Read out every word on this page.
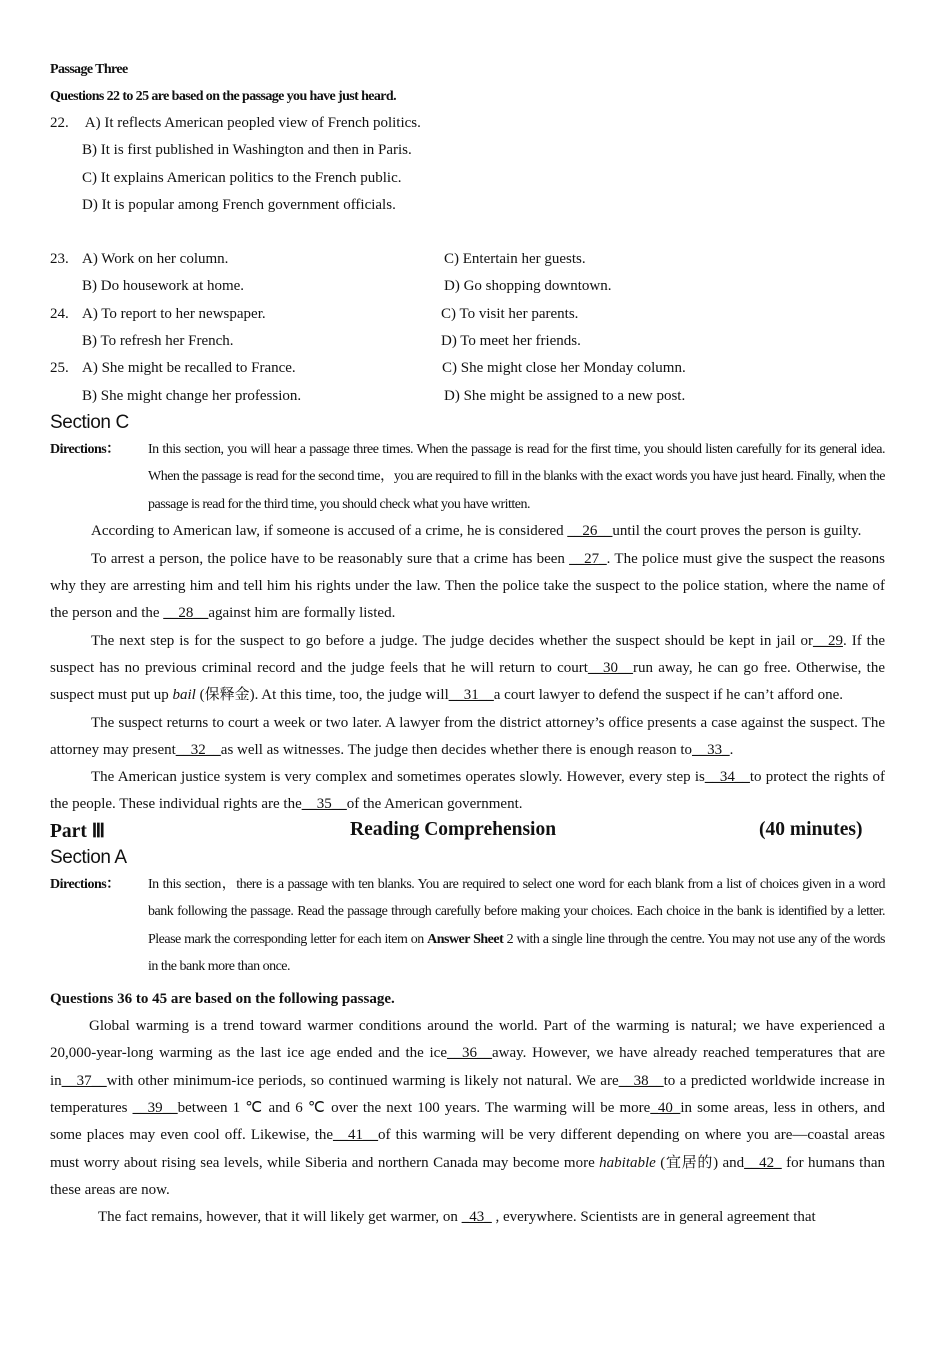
Passage Three
Questions 22 to 25 are based on the passage you have just heard.
22. A) It reflects American peopled view of French politics.
B) It is first published in Washington and then in Paris.
C) It explains American politics to the French public.
D) It is popular among French government officials.
23. A) Work on her column.	C) Entertain her guests.
B) Do housework at home.	D) Go shopping downtown.
24. A) To report to her newspaper.	C) To visit her parents.
B) To refresh her French.	D) To meet her friends.
25. A) She might be recalled to France.	C) She might close her Monday column.
B) She might change her profession.	D) She might be assigned to a new post.
Section C
Directions：	In this section, you will hear a passage three times. When the passage is read for the first time, you should listen carefully for its general idea. When the passage is read for the second time，you are required to fill in the blanks with the exact words you have just heard. Finally, when the passage is read for the third time, you should check what you have written.
According to American law, if someone is accused of a crime, he is considered __26__until the court proves the person is guilty.
To arrest a person, the police have to be reasonably sure that a crime has been __27_. The police must give the suspect the reasons why they are arresting him and tell him his rights under the law. Then the police take the suspect to the police station, where the name of the person and the __28__against him are formally listed.
The next step is for the suspect to go before a judge. The judge decides whether the suspect should be kept in jail or__29. If the suspect has no previous criminal record and the judge feels that he will return to court__30__run away, he can go free. Otherwise, the suspect must put up bail (保释金). At this time, too, the judge will__31__a court lawyer to defend the suspect if he can’t afford one.
The suspect returns to court a week or two later. A lawyer from the district attorney’s office presents a case against the suspect. The attorney may present__32__as well as witnesses. The judge then decides whether there is enough reason to__33_.
The American justice system is very complex and sometimes operates slowly. However, every step is__34__to protect the rights of the people. These individual rights are the__35__of the American government.
Part Ⅲ	Reading Comprehension	(40 minutes)
Section A
Directions：	In this section，there is a passage with ten blanks. You are required to select one word for each blank from a list of choices given in a word bank following the passage. Read the passage through carefully before making your choices. Each choice in the bank is identified by a letter. Please mark the corresponding letter for each item on Answer Sheet 2 with a single line through the centre. You may not use any of the words in the bank more than once.
Questions 36 to 45 are based on the following passage.
Global warming is a trend toward warmer conditions around the world. Part of the warming is natural; we have experienced a 20,000-year-long warming as the last ice age ended and the ice__36__away. However, we have already reached temperatures that are in__37__with other minimum-ice periods, so continued warming is likely not natural. We are__38__to a predicted worldwide increase in temperatures __39__between 1 ℃ and 6 ℃ over the next 100 years. The warming will be more_40_in some areas, less in others, and some places may even cool off. Likewise, the__41__of this warming will be very different depending on where you are—coastal areas must worry about rising sea levels, while Siberia and northern Canada may become more habitable (宜居的) and__42_ for humans than these areas are now.
The fact remains, however, that it will likely get warmer, on _43_ , everywhere. Scientists are in general agreement that
